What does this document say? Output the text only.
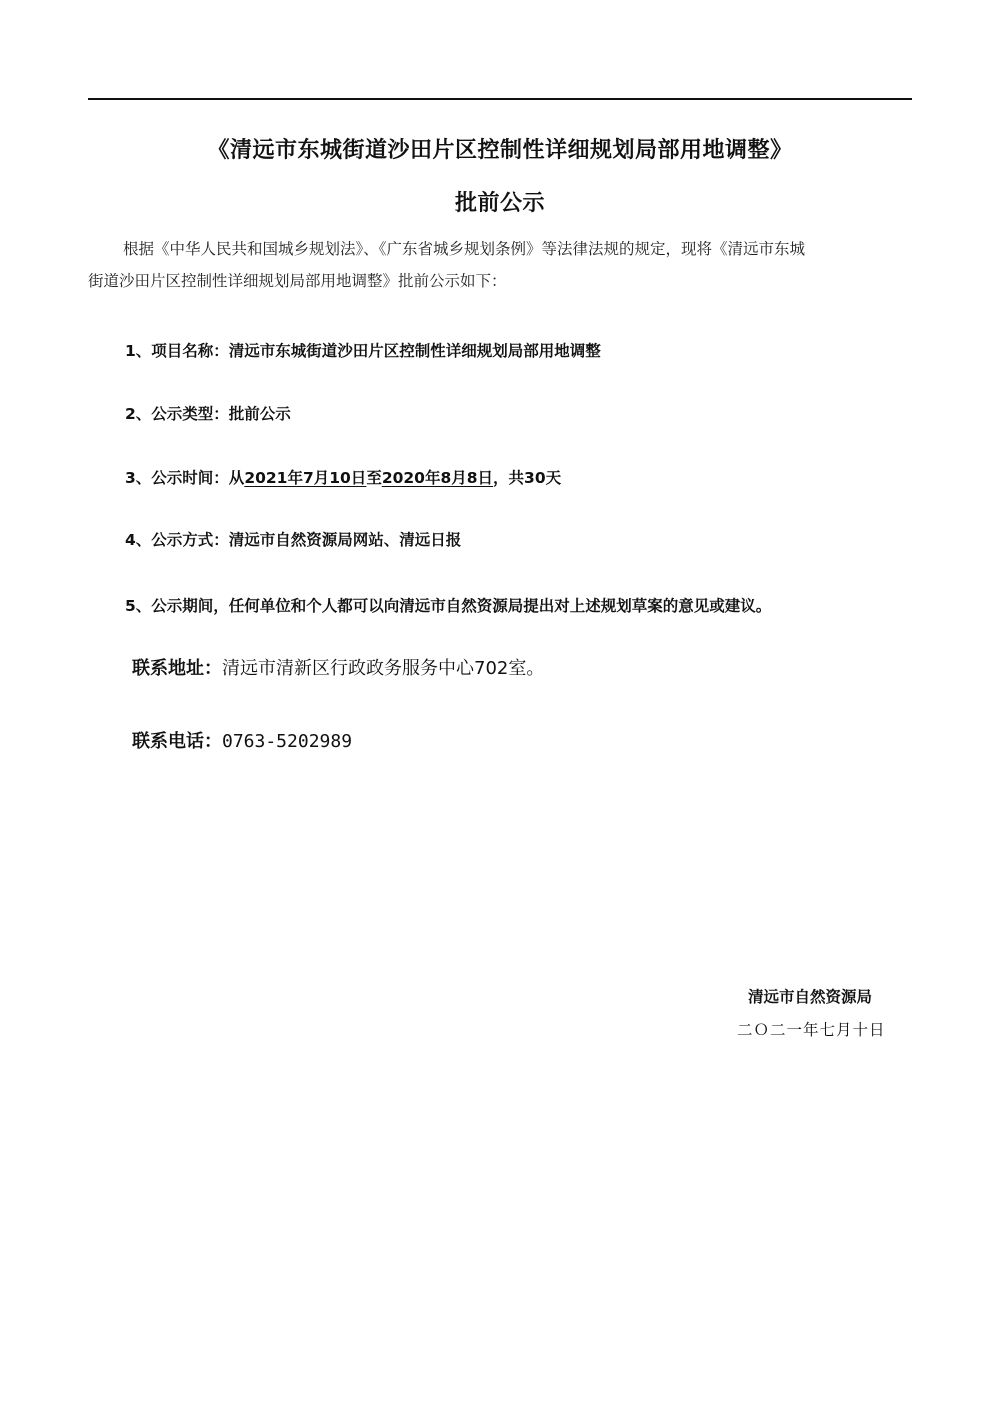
《清远市东城街道沙田片区控制性详细规划局部用地调整》
批前公示
根据《中华人民共和国城乡规划法》、《广东省城乡规划条例》等法律法规的规定，现将《清远市东城
街道沙田片区控制性详细规划局部用地调整》批前公示如下：
1、项目名称：清远市东城街道沙田片区控制性详细规划局部用地调整
2、公示类型：批前公示
3、公示时间：从2021年7月10日至2020年8月8日，共30天
4、公示方式：清远市自然资源局网站、清远日报
5、公示期间，任何单位和个人都可以向清远市自然资源局提出对上述规划草案的意见或建议。
联系地址：清远市清新区行政政务服务中心702室。
联系电话：0763-5202989
清远市自然资源局
二Ｏ二一年七月十日
